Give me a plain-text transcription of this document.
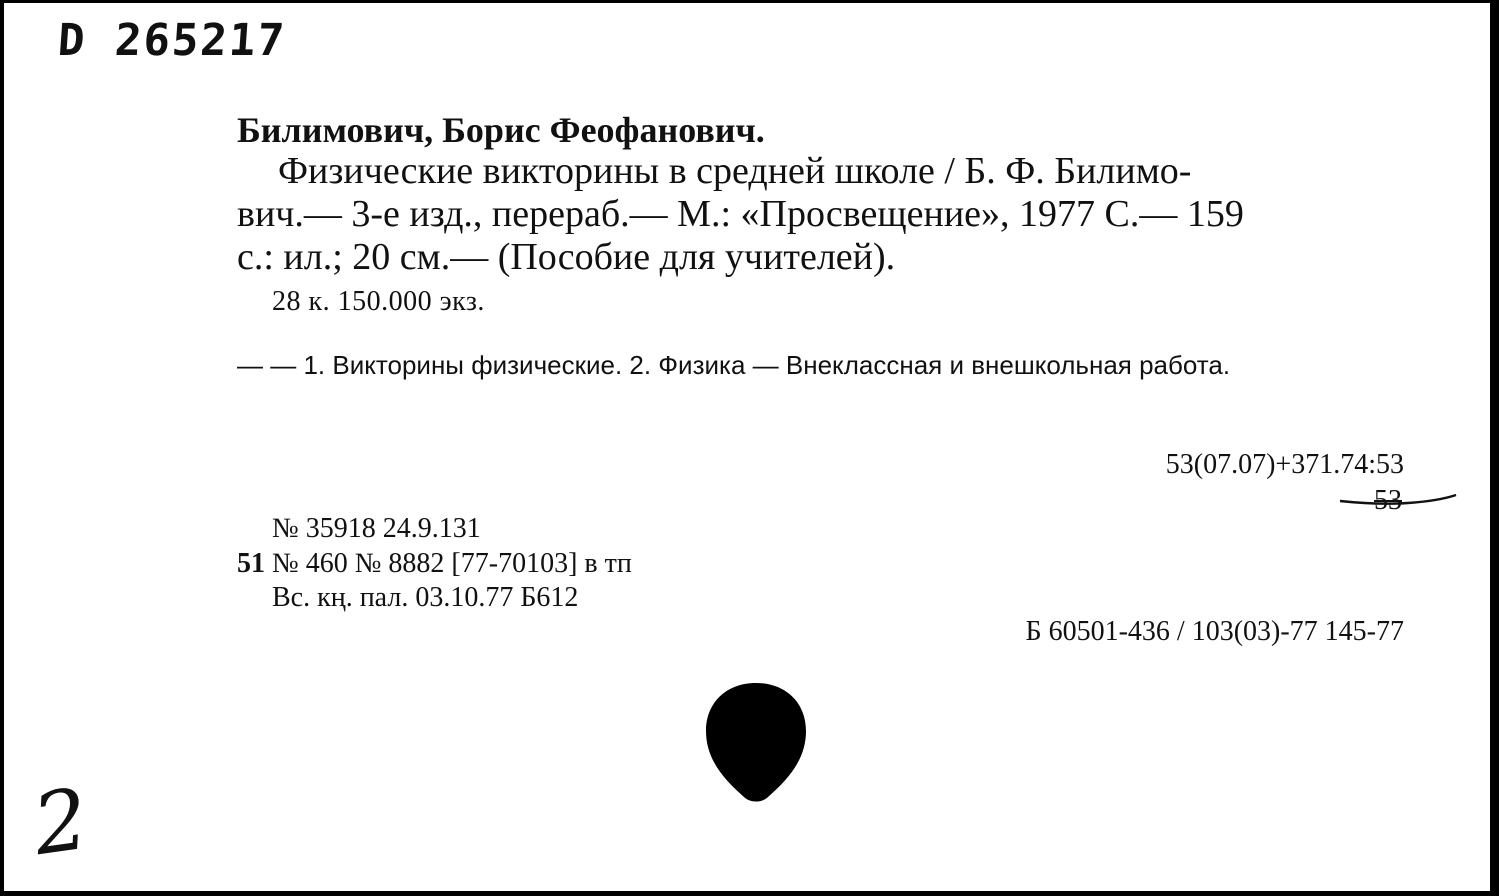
D 265217
Билимович, Борис Феофанович.
Физические викторины в средней школе / Б. Ф. Билимо-
вич.— 3-е изд., перераб.— М.: «Просвещение», 1977 С.— 159
с.: ил.; 20 см.— (Пособие для учителей).
28 к. 150.000 экз.
— — 1. Викторины физические. 2. Физика — Внеклассная и внешкольная работа.
53(07.07)+371.74:53
53
№ 35918 24.9.131
51 № 460 № 8882 [77-70103] в тп
Вс. кң. пал. 03.10.77 Б612
Б 60501-436 / 103(03)-77 145-77
2
